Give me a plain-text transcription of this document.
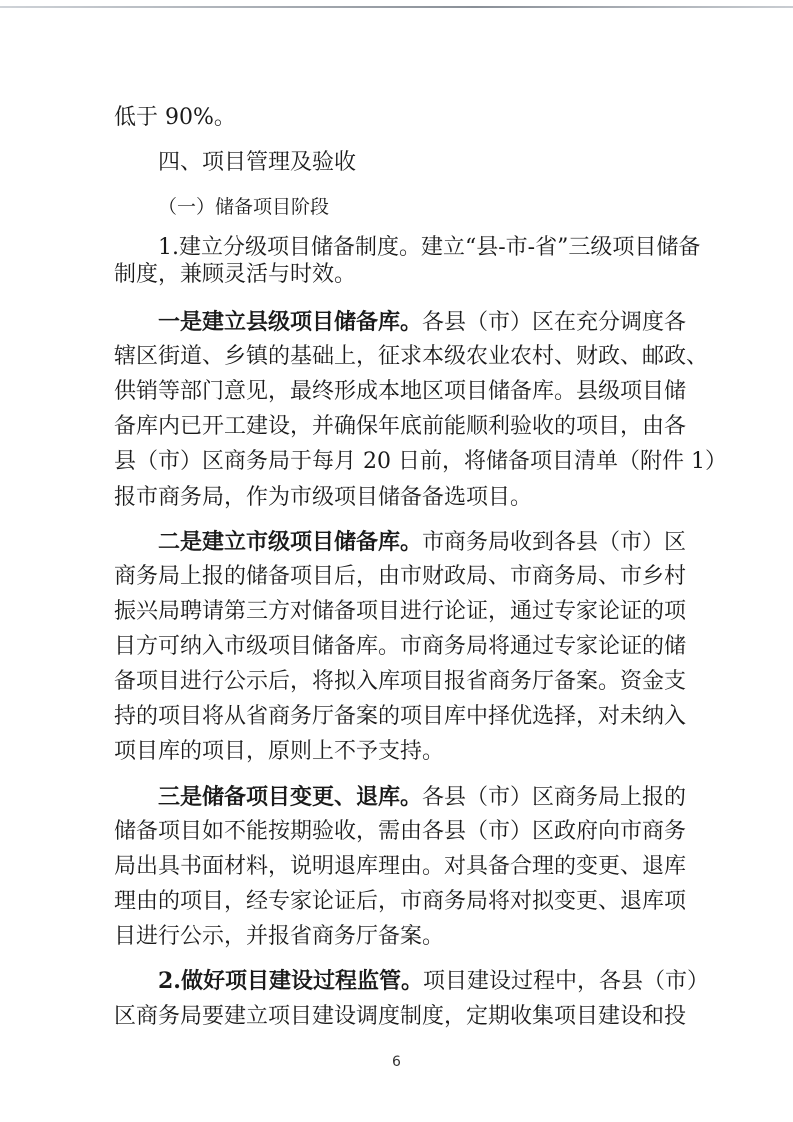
低于 90%。
四、项目管理及验收
（一）储备项目阶段
1.建立分级项目储备制度。建立“县-市-省”三级项目储备
制度，兼顾灵活与时效。
一是建立县级项目储备库。各县（市）区在充分调度各
辖区街道、乡镇的基础上，征求本级农业农村、财政、邮政、
供销等部门意见，最终形成本地区项目储备库。县级项目储
备库内已开工建设，并确保年底前能顺利验收的项目，由各
县（市）区商务局于每月 20 日前，将储备项目清单（附件 1）
报市商务局，作为市级项目储备备选项目。
二是建立市级项目储备库。市商务局收到各县（市）区
商务局上报的储备项目后，由市财政局、市商务局、市乡村
振兴局聘请第三方对储备项目进行论证，通过专家论证的项
目方可纳入市级项目储备库。市商务局将通过专家论证的储
备项目进行公示后，将拟入库项目报省商务厅备案。资金支
持的项目将从省商务厅备案的项目库中择优选择，对未纳入
项目库的项目，原则上不予支持。
三是储备项目变更、退库。各县（市）区商务局上报的
储备项目如不能按期验收，需由各县（市）区政府向市商务
局出具书面材料，说明退库理由。对具备合理的变更、退库
理由的项目，经专家论证后，市商务局将对拟变更、退库项
目进行公示，并报省商务厅备案。
2.做好项目建设过程监管。项目建设过程中，各县（市）
区商务局要建立项目建设调度制度，定期收集项目建设和投
6
